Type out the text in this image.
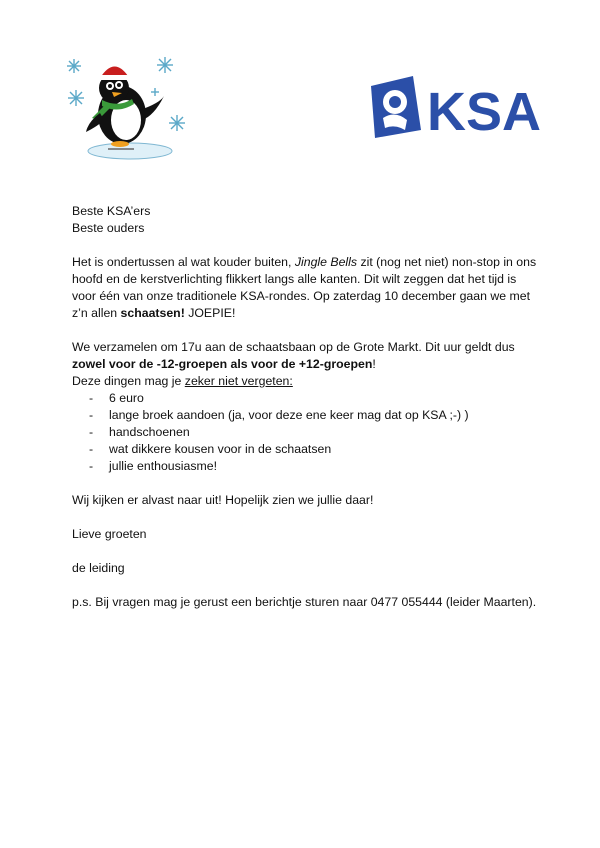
KSA

Beste KSA’ers

Beste ouders

Het is ondertussen al wat kouder buiten, Jingle Bells zit (nog net niet) non-stop in ons hoofd en de kerstverlichting flikkert langs alle kanten. Dit wilt zeggen dat het tijd is voor één van onze traditionele KSA-rondes. Op zaterdag 10 december gaan we met z’n allen schaatsen! JOEPIE!

We verzamelen om 17u aan de schaatsbaan op de Grote Markt. Dit uur geldt dus zowel voor de -12-groepen als voor de +12-groepen!

Deze dingen mag je zeker niet vergeten:

- 6 euro
- lange broek aandoen (ja, voor deze ene keer mag dat op KSA ;-) )
- handschoenen
- wat dikkere kousen voor in de schaatsen
- jullie enthousiasme!

Wij kijken er alvast naar uit! Hopelijk zien we jullie daar!

Lieve groeten

de leiding

p.s. Bij vragen mag je gerust een berichtje sturen naar 0477 055444 (leider Maarten).
